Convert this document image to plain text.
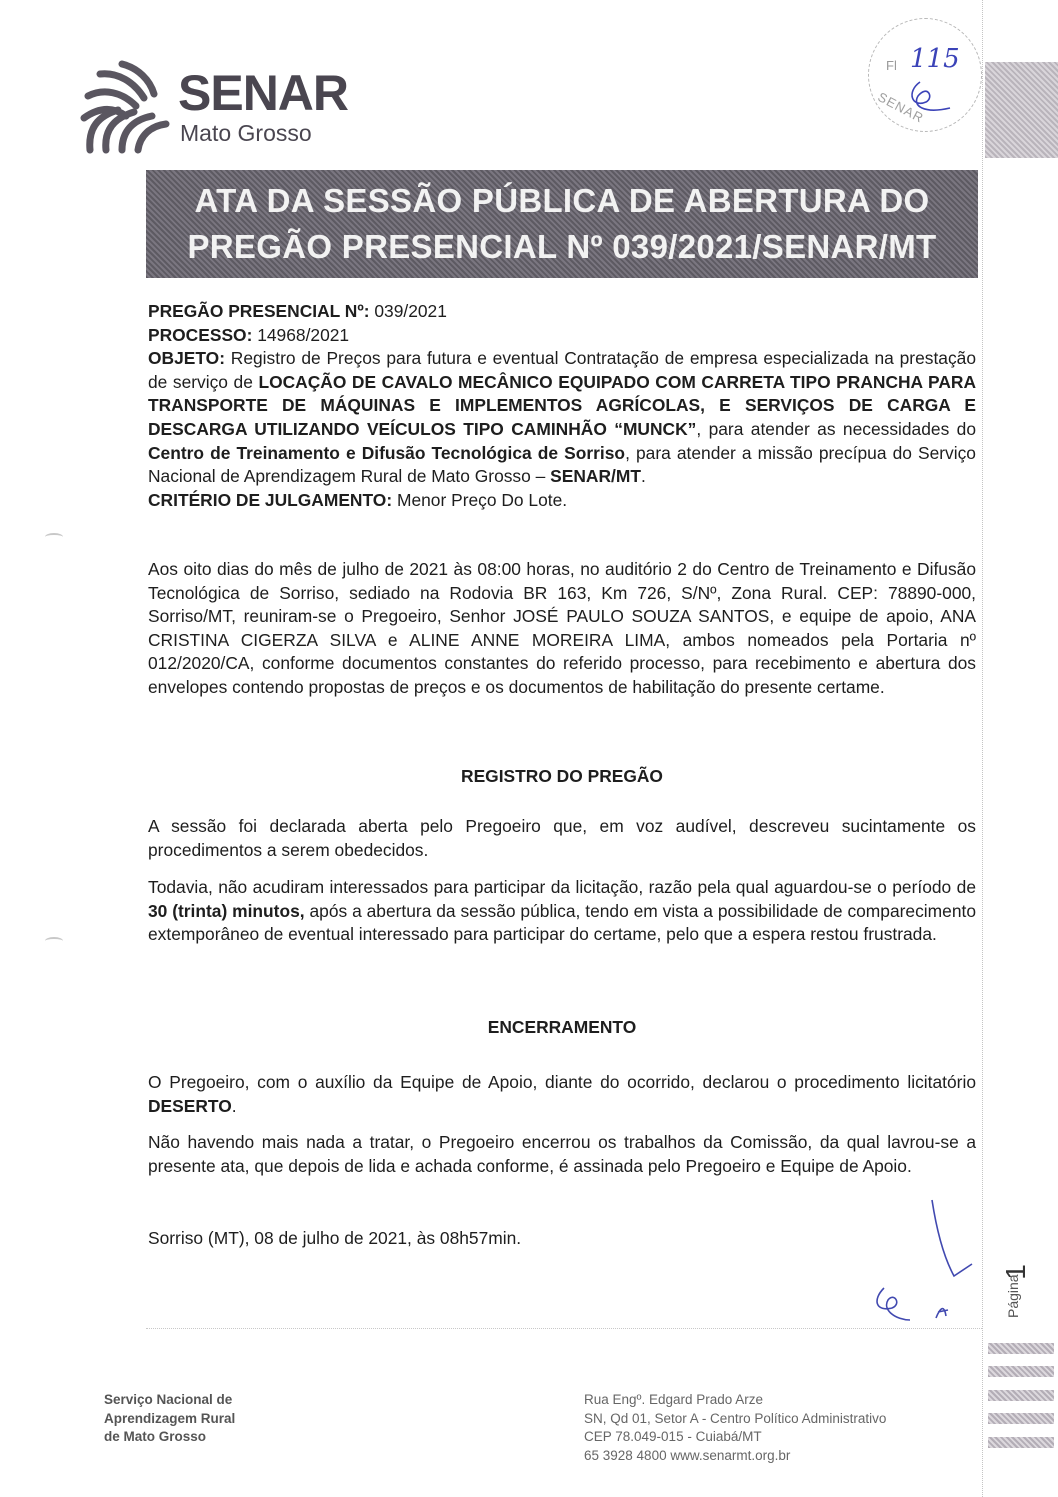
SENAR
Mato Grosso
Fl 115
SENAR
ATA DA SESSÃO PÚBLICA DE ABERTURA DO
PREGÃO PRESENCIAL Nº 039/2021/SENAR/MT

PREGÃO PRESENCIAL Nº: 039/2021

PROCESSO: 14968/2021

OBJETO: Registro de Preços para futura e eventual Contratação de empresa especializada na prestação de serviço de LOCAÇÃO DE CAVALO MECÂNICO EQUIPADO COM CARRETA TIPO PRANCHA PARA TRANSPORTE DE MÁQUINAS E IMPLEMENTOS AGRÍCOLAS, E SERVIÇOS DE CARGA E DESCARGA UTILIZANDO VEÍCULOS TIPO CAMINHÃO “MUNCK”, para atender as necessidades do Centro de Treinamento e Difusão Tecnológica de Sorriso, para atender a missão precípua do Serviço Nacional de Aprendizagem Rural de Mato Grosso – SENAR/MT.

CRITÉRIO DE JULGAMENTO: Menor Preço Do Lote.

Aos oito dias do mês de julho de 2021 às 08:00 horas, no auditório 2 do Centro de Treinamento e Difusão Tecnológica de Sorriso, sediado na Rodovia BR 163, Km 726, S/Nº, Zona Rural. CEP: 78890-000, Sorriso/MT, reuniram-se o Pregoeiro, Senhor JOSÉ PAULO SOUZA SANTOS, e equipe de apoio, ANA CRISTINA CIGERZA SILVA e ALINE ANNE MOREIRA LIMA, ambos nomeados pela Portaria nº 012/2020/CA, conforme documentos constantes do referido processo, para recebimento e abertura dos envelopes contendo propostas de preços e os documentos de habilitação do presente certame.

REGISTRO DO PREGÃO

A sessão foi declarada aberta pelo Pregoeiro que, em voz audível, descreveu sucintamente os procedimentos a serem obedecidos.

Todavia, não acudiram interessados para participar da licitação, razão pela qual aguardou-se o período de 30 (trinta) minutos, após a abertura da sessão pública, tendo em vista a possibilidade de comparecimento extemporâneo de eventual interessado para participar do certame, pelo que a espera restou frustrada.

ENCERRAMENTO

O Pregoeiro, com o auxílio da Equipe de Apoio, diante do ocorrido, declarou o procedimento licitatório DESERTO.

Não havendo mais nada a tratar, o Pregoeiro encerrou os trabalhos da Comissão, da qual lavrou-se a presente ata, que depois de lida e achada conforme, é assinada pelo Pregoeiro e Equipe de Apoio.

Sorriso (MT), 08 de julho de 2021, às 08h57min.

1
Página
Serviço Nacional de
Aprendizagem Rural
de Mato Grosso
Rua Engº. Edgard Prado Arze
SN, Qd 01, Setor A - Centro Político Administrativo
CEP 78.049-015 - Cuiabá/MT
65 3928 4800 www.senarmt.org.br
